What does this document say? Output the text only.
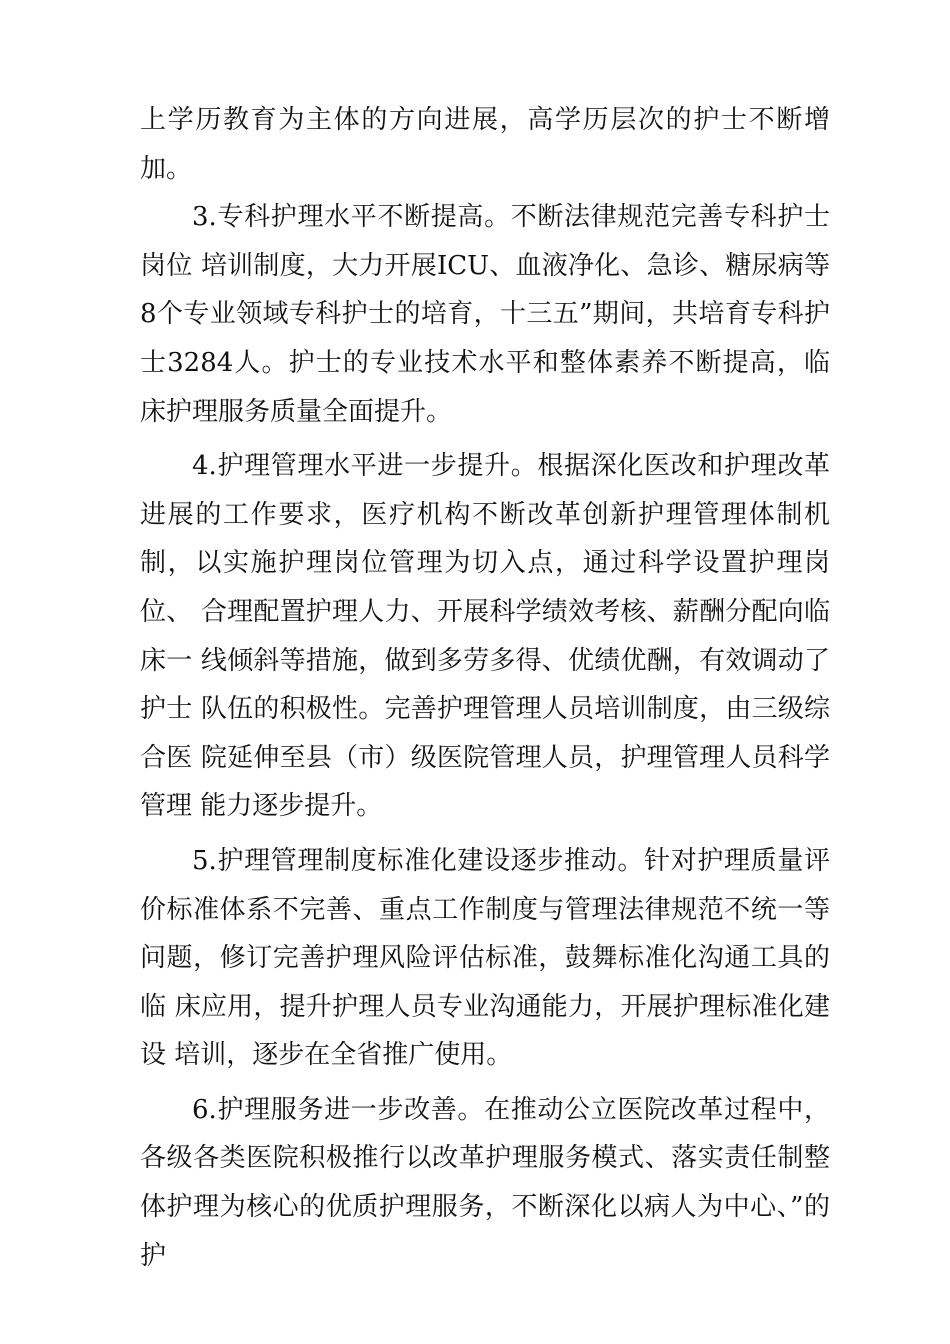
上学历教育为主体的方向进展，高学历层次的护士不断增 加。

3.专科护理水平不断提高。不断法律规范完善专科护士岗位 培训制度，大力开展ICU、血液净化、急诊、糖尿病等8个专业领域专科护士的培育，十三五”期间，共培育专科护士3284人。护士的专业技术水平和整体素养不断提高，临床护理服务质量全面提升。

4.护理管理水平进一步提升。根据深化医改和护理改革 进展的工作要求，医疗机构不断改革创新护理管理体制机 制，以实施护理岗位管理为切入点，通过科学设置护理岗位、 合理配置护理人力、开展科学绩效考核、薪酬分配向临床一 线倾斜等措施，做到多劳多得、优绩优酬，有效调动了护士 队伍的积极性。完善护理管理人员培训制度，由三级综合医 院延伸至县（市）级医院管理人员，护理管理人员科学管理 能力逐步提升。

5.护理管理制度标准化建设逐步推动。针对护理质量评价标准体系不完善、重点工作制度与管理法律规范不统一等问题，修订完善护理风险评估标准，鼓舞标准化沟通工具的临 床应用，提升护理人员专业沟通能力，开展护理标准化建设 培训，逐步在全省推广使用。

6.护理服务进一步改善。在推动公立医院改革过程中，各级各类医院积极推行以改革护理服务模式、落实责任制整 体护理为核心的优质护理服务，不断深化以病人为中心、”的 护
